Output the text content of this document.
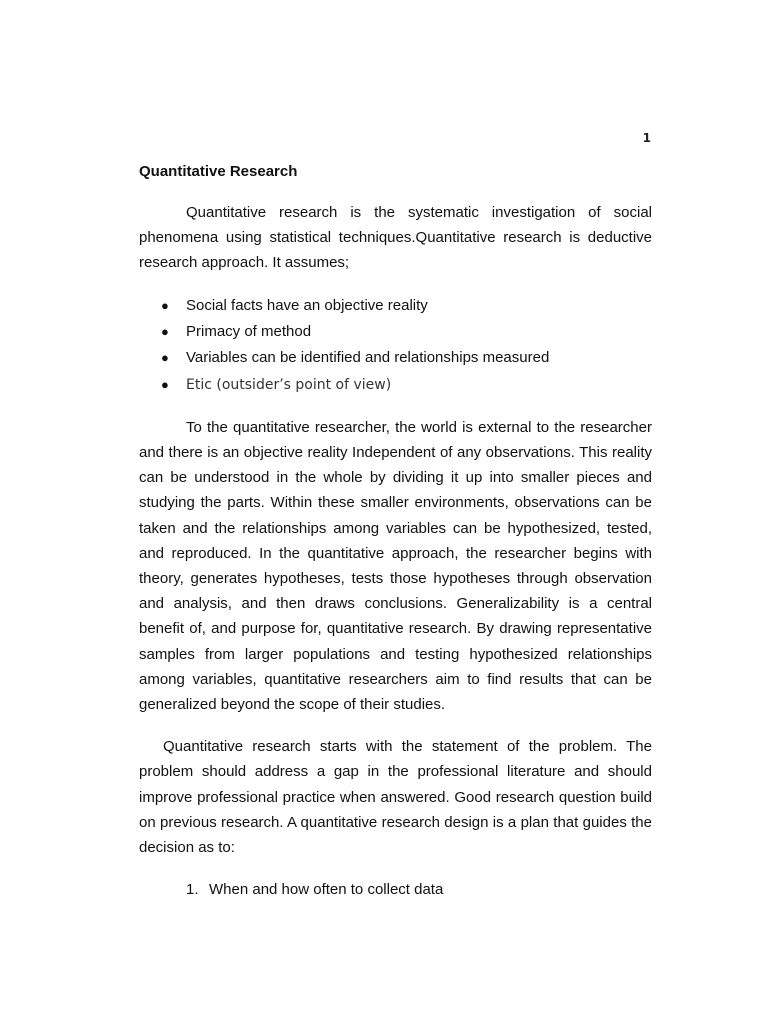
1
Quantitative Research

Quantitative research is the systematic investigation of social phenomena using statistical techniques.Quantitative research is deductive research approach. It assumes;

● Social facts have an objective reality
● Primacy of method
● Variables can be identified and relationships measured
● Etic (outsider’s point of view)

To the quantitative researcher, the world is external to the researcher and there is an objective reality Independent of any observations. This reality can be understood in the whole by dividing it up into smaller pieces and studying the parts. Within these smaller environments, observations can be taken and the relationships among variables can be hypothesized, tested, and reproduced. In the quantitative approach, the researcher begins with theory, generates hypotheses, tests those hypotheses through observation and analysis, and then draws conclusions. Generalizability is a central benefit of, and purpose for, quantitative research. By drawing representative samples from larger populations and testing hypothesized relationships among variables, quantitative researchers aim to find results that can be generalized beyond the scope of their studies.

Quantitative research starts with the statement of the problem. The problem should address a gap in the professional literature and should improve professional practice when answered. Good research question build on previous research. A quantitative research design is a plan that guides the decision as to:

1. When and how often to collect data
